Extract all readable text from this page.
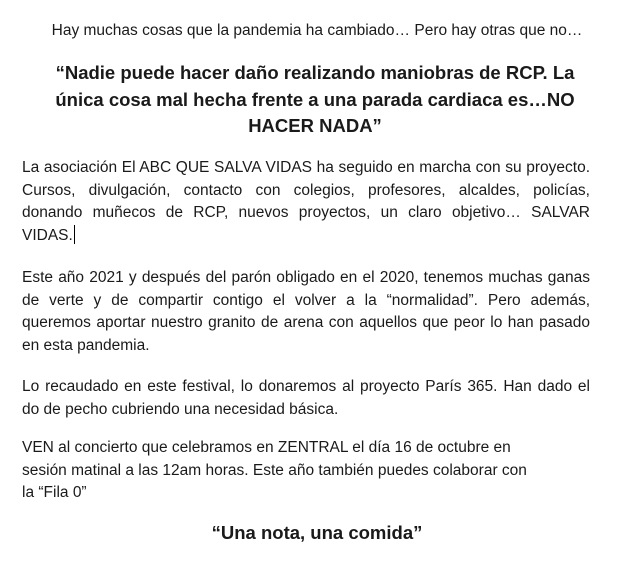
Hay muchas cosas que la pandemia ha cambiado… Pero hay otras que no…
“Nadie puede hacer daño realizando maniobras de RCP. La única cosa mal hecha frente a una parada cardiaca es…NO HACER NADA”
La asociación El ABC QUE SALVA VIDAS ha seguido en marcha con su proyecto. Cursos, divulgación, contacto con colegios, profesores, alcaldes, policías, donando muñecos de RCP, nuevos proyectos, un claro objetivo… SALVAR VIDAS.
Este año 2021 y después del parón obligado en el 2020, tenemos muchas ganas de verte y de compartir contigo el volver a la “normalidad”. Pero además, queremos aportar nuestro granito de arena con aquellos que peor lo han pasado en esta pandemia.
Lo recaudado en este festival, lo donaremos al proyecto París 365. Han dado el do de pecho cubriendo una necesidad básica.
VEN al concierto que celebramos en ZENTRAL el día 16 de octubre ensesión matinal a las 12am horas. Este año también puedes colaborar conla “Fila 0”
“Una nota, una comida”
